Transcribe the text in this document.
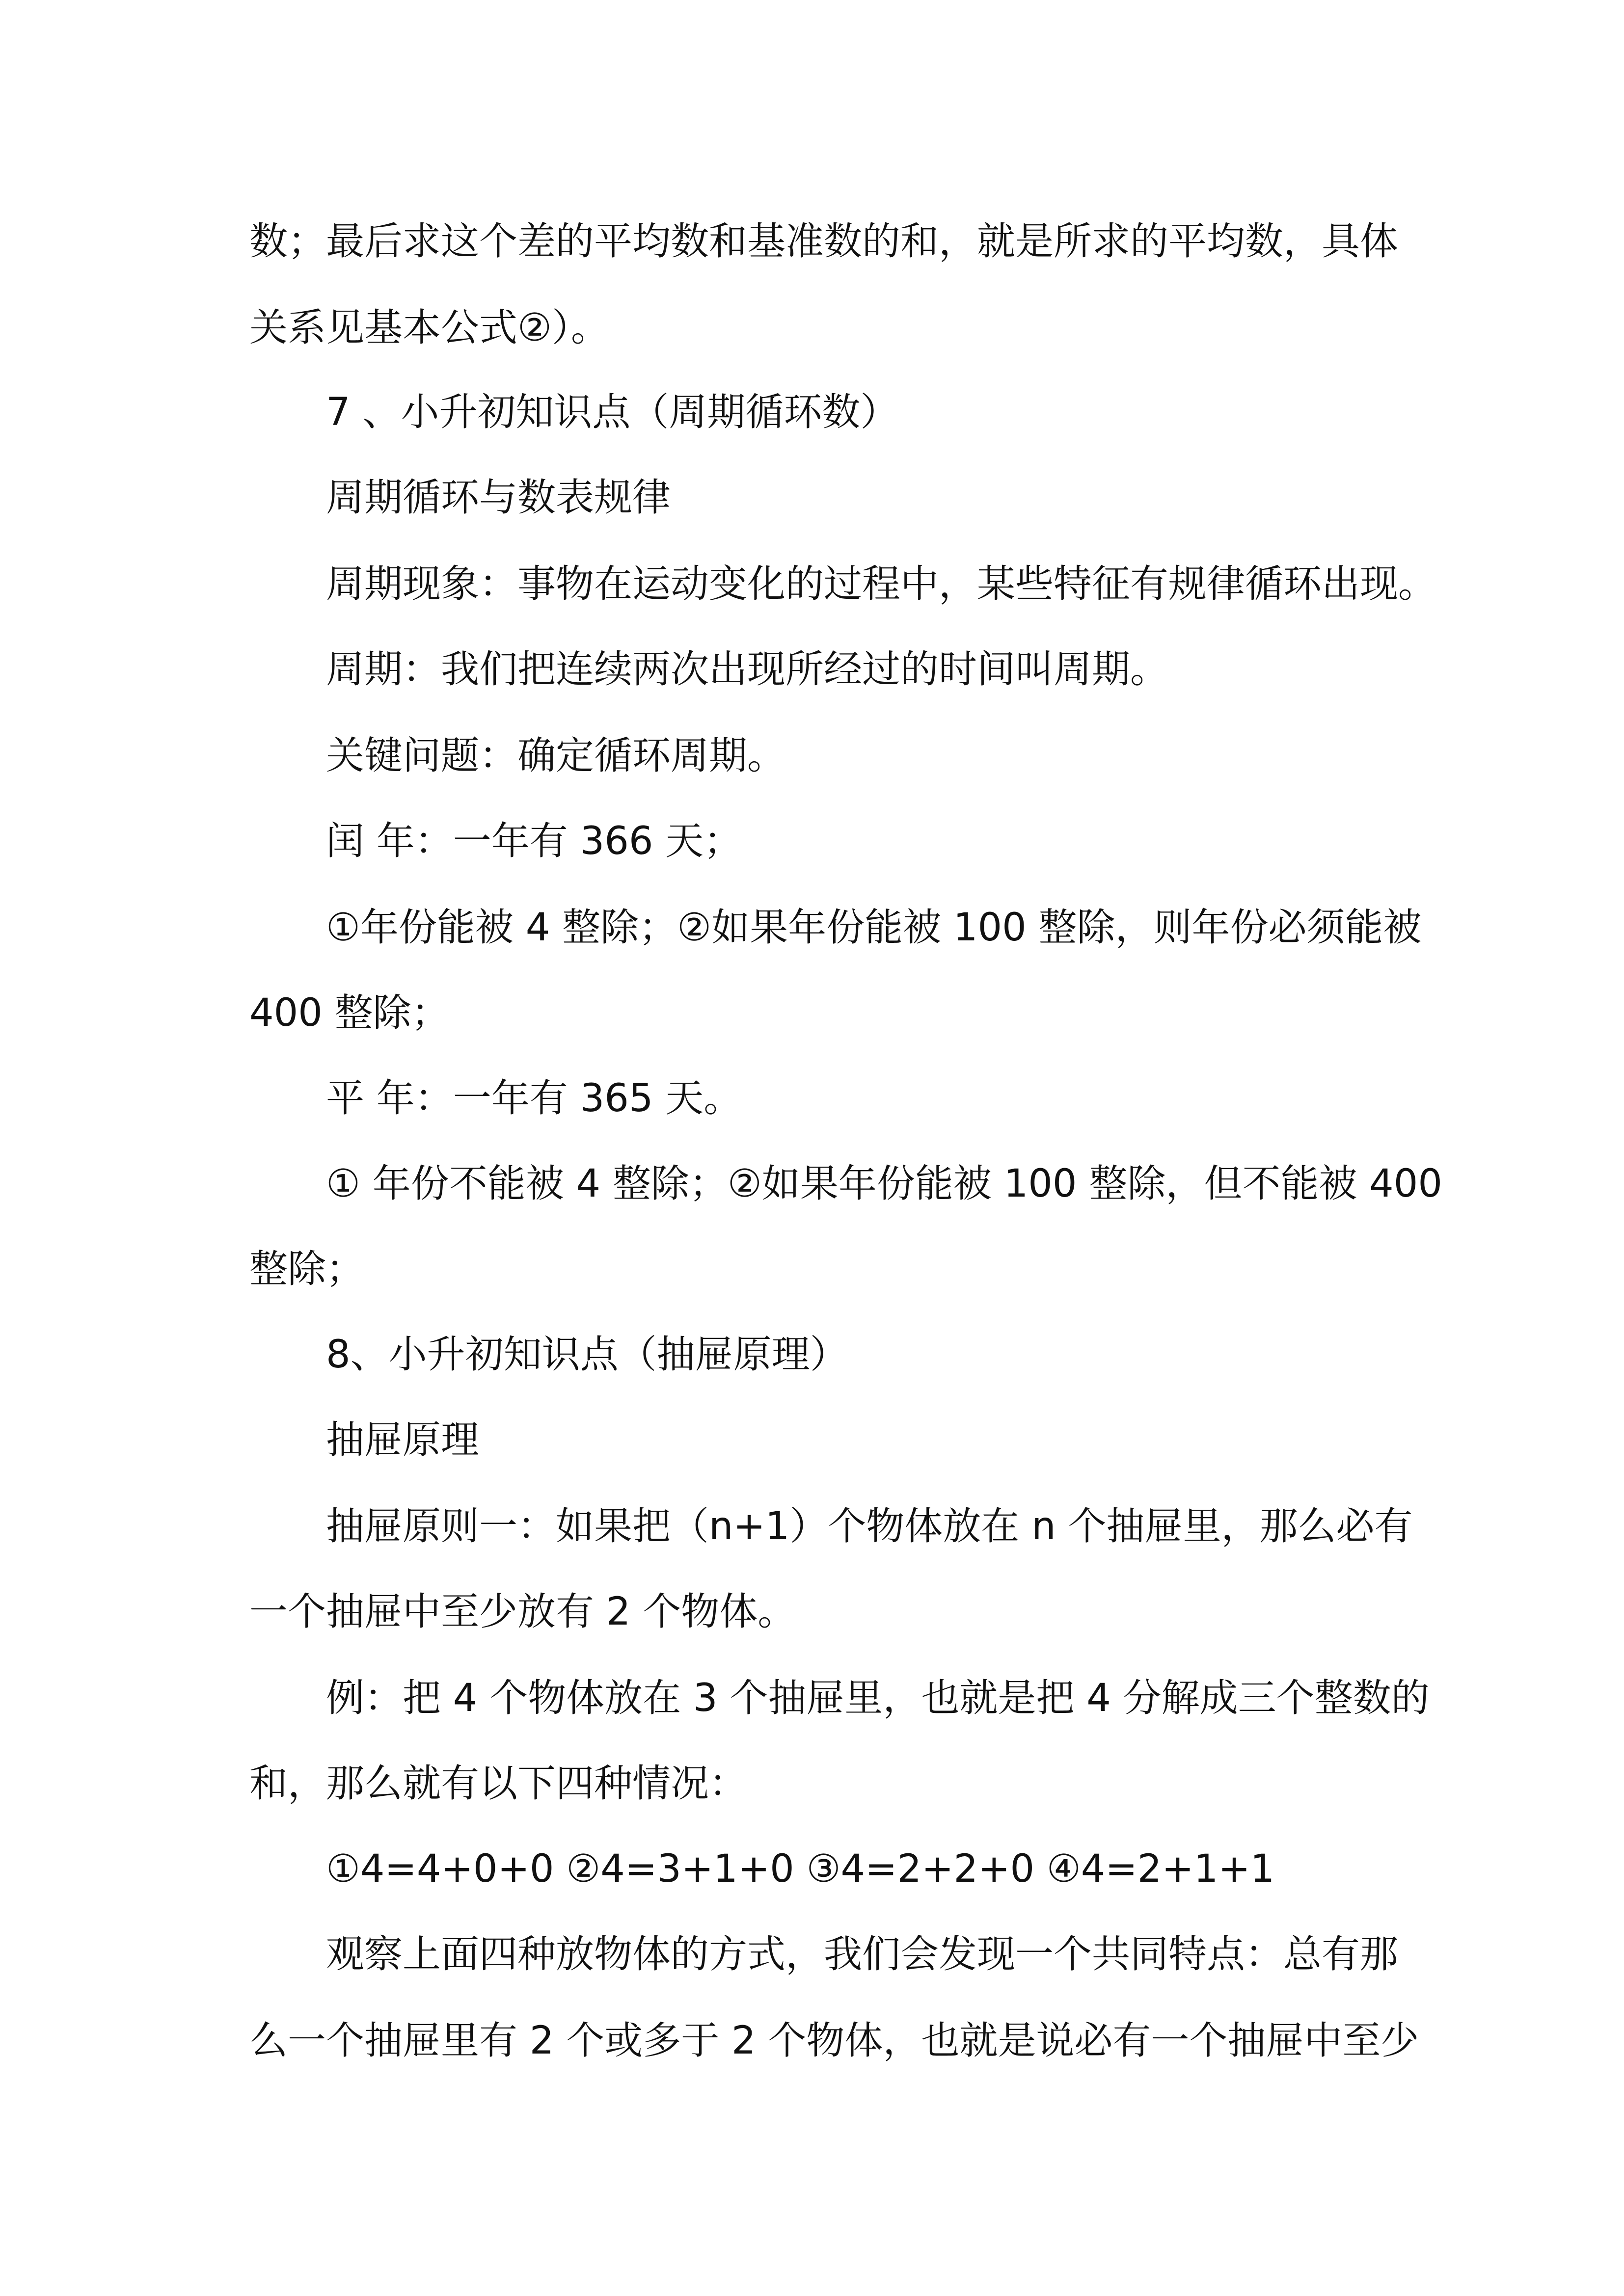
数；最后求这个差的平均数和基准数的和，就是所求的平均数，具体
关系见基本公式②）。
7 、小升初知识点（周期循环数）
周期循环与数表规律
周期现象：事物在运动变化的过程中，某些特征有规律循环出现。
周期：我们把连续两次出现所经过的时间叫周期。
关键问题：确定循环周期。
闰 年：一年有 366 天；
①年份能被 4 整除；②如果年份能被 100 整除，则年份必须能被
400 整除；
平 年：一年有 365 天。
① 年份不能被 4 整除；②如果年份能被 100 整除，但不能被 400
整除；
8、小升初知识点（抽屉原理）
抽屉原理
抽屉原则一：如果把（n+1）个物体放在 n 个抽屉里，那么必有
一个抽屉中至少放有 2 个物体。
例：把 4 个物体放在 3 个抽屉里，也就是把 4 分解成三个整数的
和，那么就有以下四种情况：
①4=4+0+0 ②4=3+1+0 ③4=2+2+0 ④4=2+1+1
观察上面四种放物体的方式，我们会发现一个共同特点：总有那
么一个抽屉里有 2 个或多于 2 个物体，也就是说必有一个抽屉中至少
